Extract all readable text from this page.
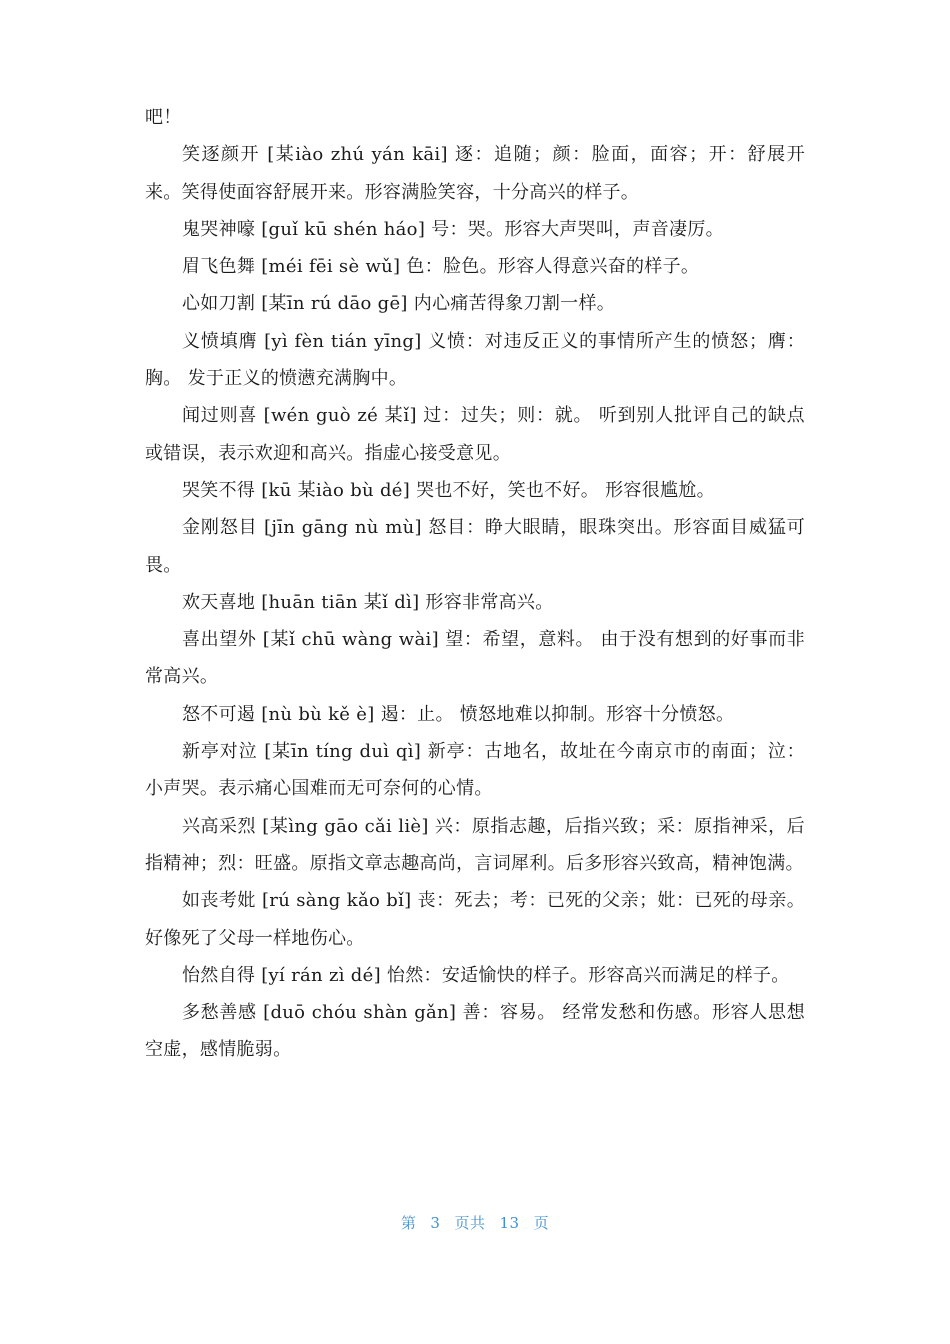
吧！

笑逐颜开 [某iào zhú yán kāi] 逐：追随；颜：脸面，面容；开：舒展开来。笑得使面容舒展开来。形容满脸笑容，十分高兴的样子。

鬼哭神嚎 [guǐ kū shén háo] 号：哭。形容大声哭叫，声音凄厉。

眉飞色舞 [méi fēi sè wǔ] 色：脸色。形容人得意兴奋的样子。

心如刀割 [某īn rú dāo gē] 内心痛苦得象刀割一样。

义愤填膺 [yì fèn tián yīng] 义愤：对违反正义的事情所产生的愤怒；膺：胸。 发于正义的愤懑充满胸中。

闻过则喜 [wén guò zé 某ǐ] 过：过失；则：就。 听到别人批评自己的缺点或错误，表示欢迎和高兴。指虚心接受意见。

哭笑不得 [kū 某iào bù dé] 哭也不好，笑也不好。 形容很尴尬。

金刚怒目 [jīn gāng nù mù] 怒目：睁大眼睛，眼珠突出。形容面目威猛可畏。

欢天喜地 [huān tiān 某ǐ dì] 形容非常高兴。

喜出望外 [某ǐ chū wàng wài] 望：希望，意料。 由于没有想到的好事而非常高兴。

怒不可遏 [nù bù kě è] 遏：止。 愤怒地难以抑制。形容十分愤怒。

新亭对泣 [某īn tíng duì qì] 新亭：古地名，故址在今南京市的南面；泣：小声哭。表示痛心国难而无可奈何的心情。

兴高采烈 [某ìng gāo cǎi liè] 兴：原指志趣，后指兴致；采：原指神采，后指精神；烈：旺盛。原指文章志趣高尚，言词犀利。后多形容兴致高，精神饱满。

如丧考妣 [rú sàng kǎo bǐ] 丧：死去；考：已死的父亲；妣：已死的母亲。好像死了父母一样地伤心。

怡然自得 [yí rán zì dé] 怡然：安适愉快的样子。形容高兴而满足的样子。

多愁善感 [duō chóu shàn gǎn] 善：容易。 经常发愁和伤感。形容人思想空虚，感情脆弱。

第 3 页共 13 页
